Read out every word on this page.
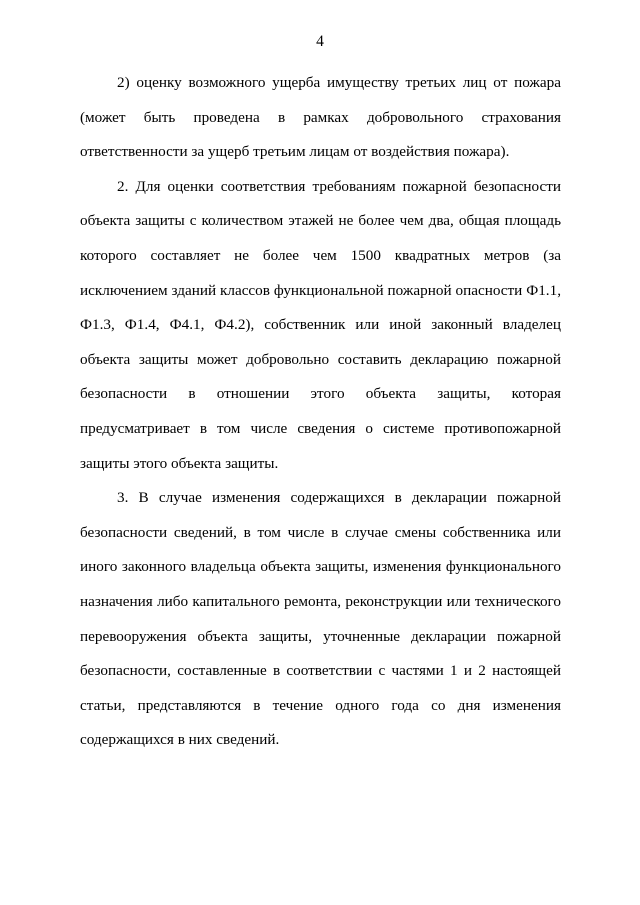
4

2) оценку возможного ущерба имуществу третьих лиц от пожара (может быть проведена в рамках добровольного страхования ответственности за ущерб третьим лицам от воздействия пожара).

2. Для оценки соответствия требованиям пожарной безопасности объекта защиты с количеством этажей не более чем два, общая площадь которого составляет не более чем 1500 квадратных метров (за исключением зданий классов функциональной пожарной опасности Ф1.1, Ф1.3, Ф1.4, Ф4.1, Ф4.2), собственник или иной законный владелец объекта защиты может добровольно составить декларацию пожарной безопасности в отношении этого объекта защиты, которая предусматривает в том числе сведения о системе противопожарной защиты этого объекта защиты.

3. В случае изменения содержащихся в декларации пожарной безопасности сведений, в том числе в случае смены собственника или иного законного владельца объекта защиты, изменения функционального назначения либо капитального ремонта, реконструкции или технического перевооружения объекта защиты, уточненные декларации пожарной безопасности, составленные в соответствии с частями 1 и 2 настоящей статьи, представляются в течение одного года со дня изменения содержащихся в них сведений.
